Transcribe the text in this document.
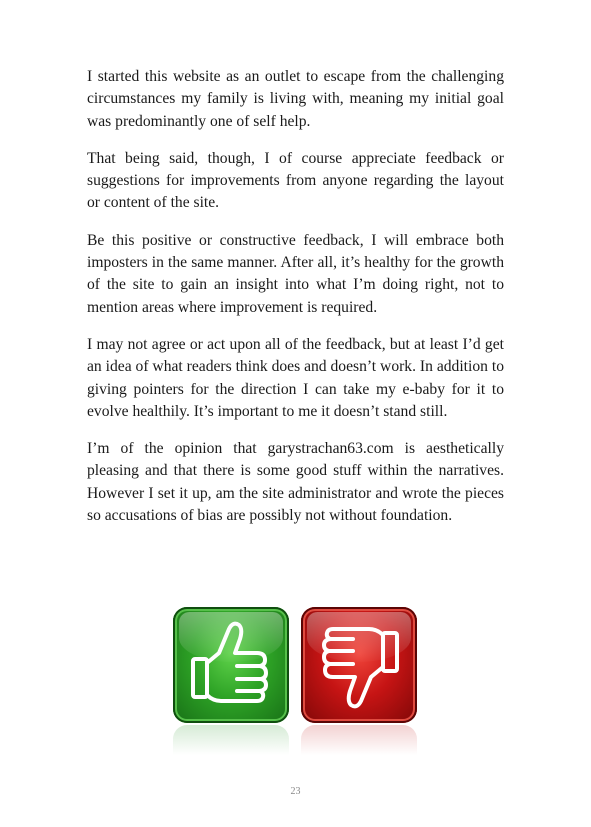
I started this website as an outlet to escape from the challenging circumstances my family is living with, meaning my initial goal was predominantly one of self help.

That being said, though, I of course appreciate feedback or suggestions for improvements from anyone regarding the layout or content of the site.

Be this positive or constructive feedback, I will embrace both imposters in the same manner. After all, it’s healthy for the growth of the site to gain an insight into what I’m doing right, not to mention areas where improvement is required.

I may not agree or act upon all of the feedback, but at least I’d get an idea of what readers think does and doesn’t work. In addition to giving pointers for the direction I can take my e-baby for it to evolve healthily. It’s important to me it doesn’t stand still.

I’m of the opinion that garystrachan63.com is aesthetically pleasing and that there is some good stuff within the narratives. However I set it up, am the site administrator and wrote the pieces so accusations of bias are possibly not without foundation.

23
